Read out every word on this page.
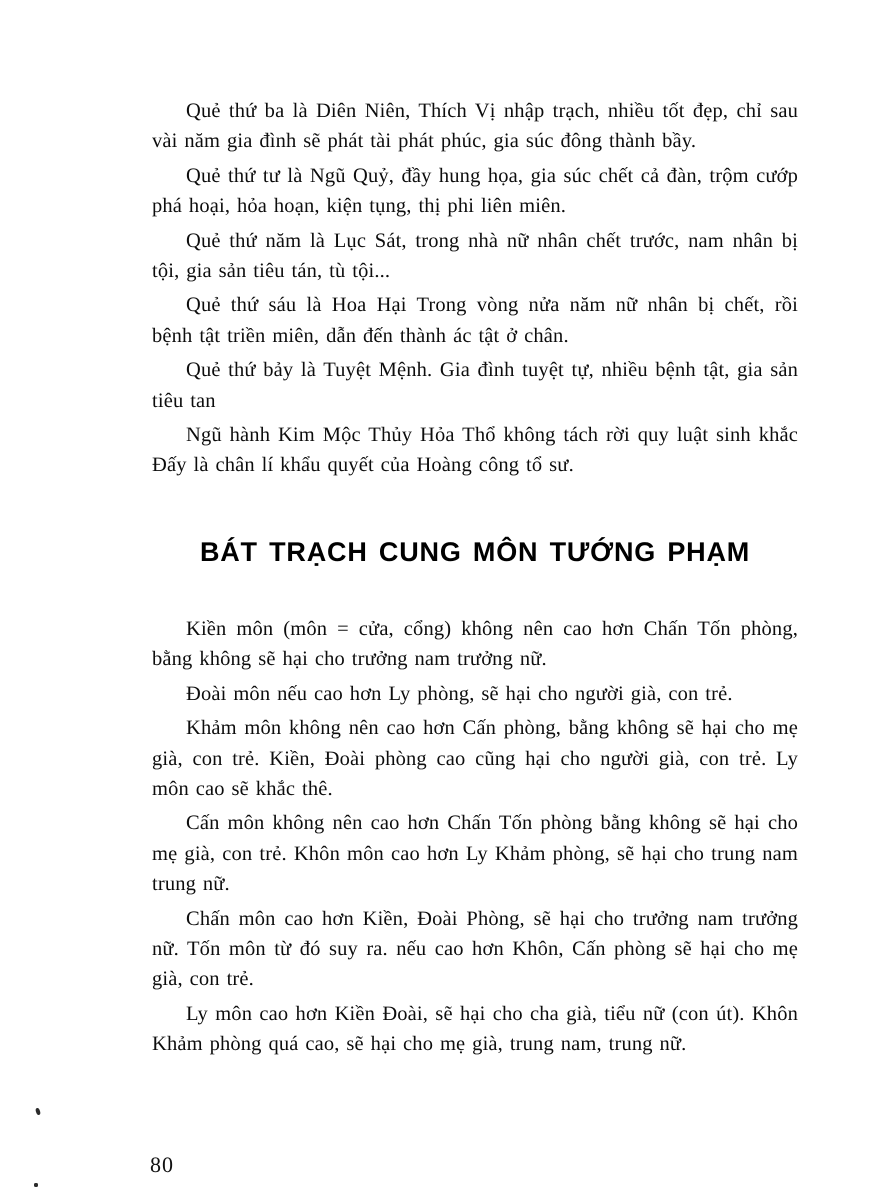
Quẻ thứ ba là Diên Niên, Thích Vị nhập trạch, nhiều tốt đẹp, chỉ sau vài năm gia đình sẽ phát tài phát phúc, gia súc đông thành bầy.

Quẻ thứ tư là Ngũ Quỷ, đầy hung họa, gia súc chết cả đàn, trộm cướp phá hoại, hỏa hoạn, kiện tụng, thị phi liên miên.

Quẻ thứ năm là Lục Sát, trong nhà nữ nhân chết trước, nam nhân bị tội, gia sản tiêu tán, tù tội...

Quẻ thứ sáu là Hoa Hại Trong vòng nửa năm nữ nhân bị chết, rồi bệnh tật triền miên, dẫn đến thành ác tật ở chân.

Quẻ thứ bảy là Tuyệt Mệnh. Gia đình tuyệt tự, nhiều bệnh tật, gia sản tiêu tan

Ngũ hành Kim Mộc Thủy Hỏa Thổ không tách rời quy luật sinh khắc Đấy là chân lí khẩu quyết của Hoàng công tổ sư.

BÁT TRẠCH CUNG MÔN TƯỚNG PHẠM

Kiền môn (môn = cửa, cổng) không nên cao hơn Chấn Tốn phòng, bằng không sẽ hại cho trưởng nam trưởng nữ.

Đoài môn nếu cao hơn Ly phòng, sẽ hại cho người già, con trẻ.

Khảm môn không nên cao hơn Cấn phòng, bằng không sẽ hại cho mẹ già, con trẻ. Kiền, Đoài phòng cao cũng hại cho người già, con trẻ. Ly môn cao sẽ khắc thê.

Cấn môn không nên cao hơn Chấn Tốn phòng bằng không sẽ hại cho mẹ già, con trẻ. Khôn môn cao hơn Ly Khảm phòng, sẽ hại cho trung nam trung nữ.

Chấn môn cao hơn Kiền, Đoài Phòng, sẽ hại cho trưởng nam trưởng nữ. Tốn môn từ đó suy ra. nếu cao hơn Khôn, Cấn phòng sẽ hại cho mẹ già, con trẻ.

Ly môn cao hơn Kiền Đoài, sẽ hại cho cha già, tiểu nữ (con út). Khôn Khảm phòng quá cao, sẽ hại cho mẹ già, trung nam, trung nữ.

80
